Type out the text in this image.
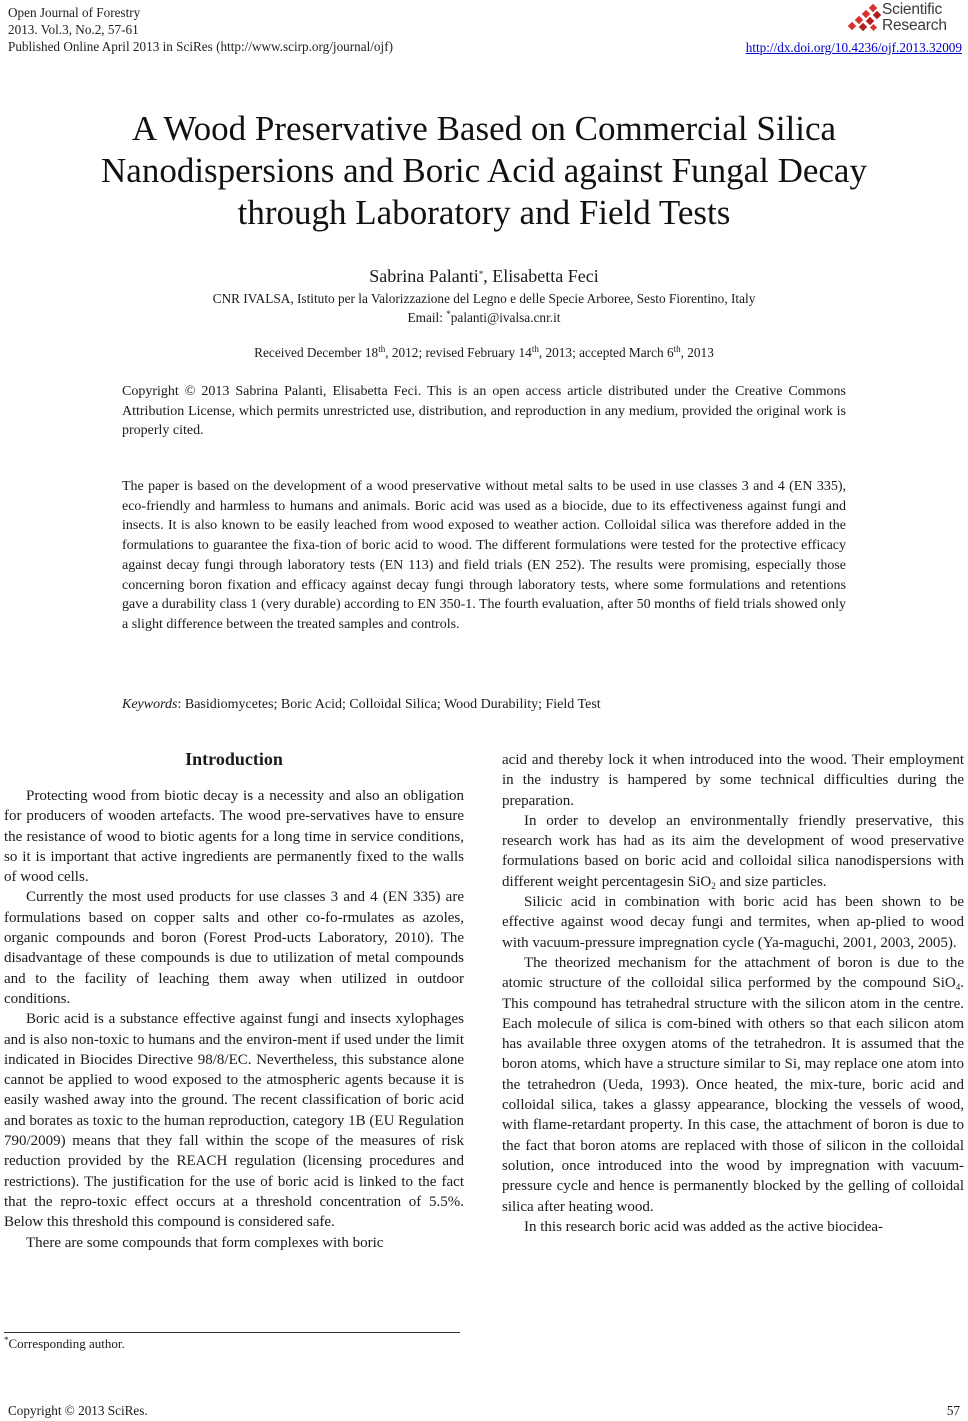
Open Journal of Forestry
2013. Vol.3, No.2, 57-61
Published Online April 2013 in SciRes (http://www.scirp.org/journal/ojf)
Scientific
Research
http://dx.doi.org/10.4236/ojf.2013.32009
A Wood Preservative Based on Commercial Silica
Nanodispersions and Boric Acid against Fungal Decay
through Laboratory and Field Tests
Sabrina Palanti*, Elisabetta Feci
CNR IVALSA, Istituto per la Valorizzazione del Legno e delle Specie Arboree, Sesto Fiorentino, Italy
Email: *palanti@ivalsa.cnr.it
Received December 18th, 2012; revised February 14th, 2013; accepted March 6th, 2013
Copyright © 2013 Sabrina Palanti, Elisabetta Feci. This is an open access article distributed under the Creative Commons Attribution License, which permits unrestricted use, distribution, and reproduction in any medium, provided the original work is properly cited.
The paper is based on the development of a wood preservative without metal salts to be used in use classes 3 and 4 (EN 335), eco-friendly and harmless to humans and animals. Boric acid was used as a biocide, due to its effectiveness against fungi and insects. It is also known to be easily leached from wood exposed to weather action. Colloidal silica was therefore added in the formulations to guarantee the fixa-tion of boric acid to wood. The different formulations were tested for the protective efficacy against decay fungi through laboratory tests (EN 113) and field trials (EN 252). The results were promising, especially those concerning boron fixation and efficacy against decay fungi through laboratory tests, where some formulations and retentions gave a durability class 1 (very durable) according to EN 350-1. The fourth evaluation, after 50 months of field trials showed only a slight difference between the treated samples and controls.
Keywords: Basidiomycetes; Boric Acid; Colloidal Silica; Wood Durability; Field Test
Introduction

Protecting wood from biotic decay is a necessity and also an obligation for producers of wooden artefacts. The wood pre-servatives have to ensure the resistance of wood to biotic agents for a long time in service conditions, so it is important that active ingredients are permanently fixed to the walls of wood cells.

Currently the most used products for use classes 3 and 4 (EN 335) are formulations based on copper salts and other co-fo-rmulates as azoles, organic compounds and boron (Forest Prod-ucts Laboratory, 2010). The disadvantage of these compounds is due to utilization of metal compounds and to the facility of leaching them away when utilized in outdoor conditions.

Boric acid is a substance effective against fungi and insects xylophages and is also non-toxic to humans and the environ-ment if used under the limit indicated in Biocides Directive 98/8/EC. Nevertheless, this substance alone cannot be applied to wood exposed to the atmospheric agents because it is easily washed away into the ground. The recent classification of boric acid and borates as toxic to the human reproduction, category 1B (EU Regulation 790/2009) means that they fall within the scope of the measures of risk reduction provided by the REACH regulation (licensing procedures and restrictions). The justification for the use of boric acid is linked to the fact that the repro-toxic effect occurs at a threshold concentration of 5.5%. Below this threshold this compound is considered safe.

There are some compounds that form complexes with boric

acid and thereby lock it when introduced into the wood. Their employment in the industry is hampered by some technical difficulties during the preparation.

In order to develop an environmentally friendly preservative, this research work has had as its aim the development of wood preservative formulations based on boric acid and colloidal silica nanodispersions with different weight percentagesin SiO$_2$ and size particles.

Silicic acid in combination with boric acid has been shown to be effective against wood decay fungi and termites, when ap-plied to wood with vacuum-pressure impregnation cycle (Ya-maguchi, 2001, 2003, 2005).

The theorized mechanism for the attachment of boron is due to the atomic structure of the colloidal silica performed by the compound SiO$_4$. This compound has tetrahedral structure with the silicon atom in the centre. Each molecule of silica is com-bined with others so that each silicon atom has available three oxygen atoms of the tetrahedron. It is assumed that the boron atoms, which have a structure similar to Si, may replace one atom into the tetrahedron (Ueda, 1993). Once heated, the mix-ture, boric acid and colloidal silica, takes a glassy appearance, blocking the vessels of wood, with flame-retardant property. In this case, the attachment of boron is due to the fact that boron atoms are replaced with those of silicon in the colloidal solution, once introduced into the wood by impregnation with vacuum-pressure cycle and hence is permanently blocked by the gelling of colloidal silica after heating wood.

In this research boric acid was added as the active biocidea-

*Corresponding author.
Copyright © 2013 SciRes.	57
